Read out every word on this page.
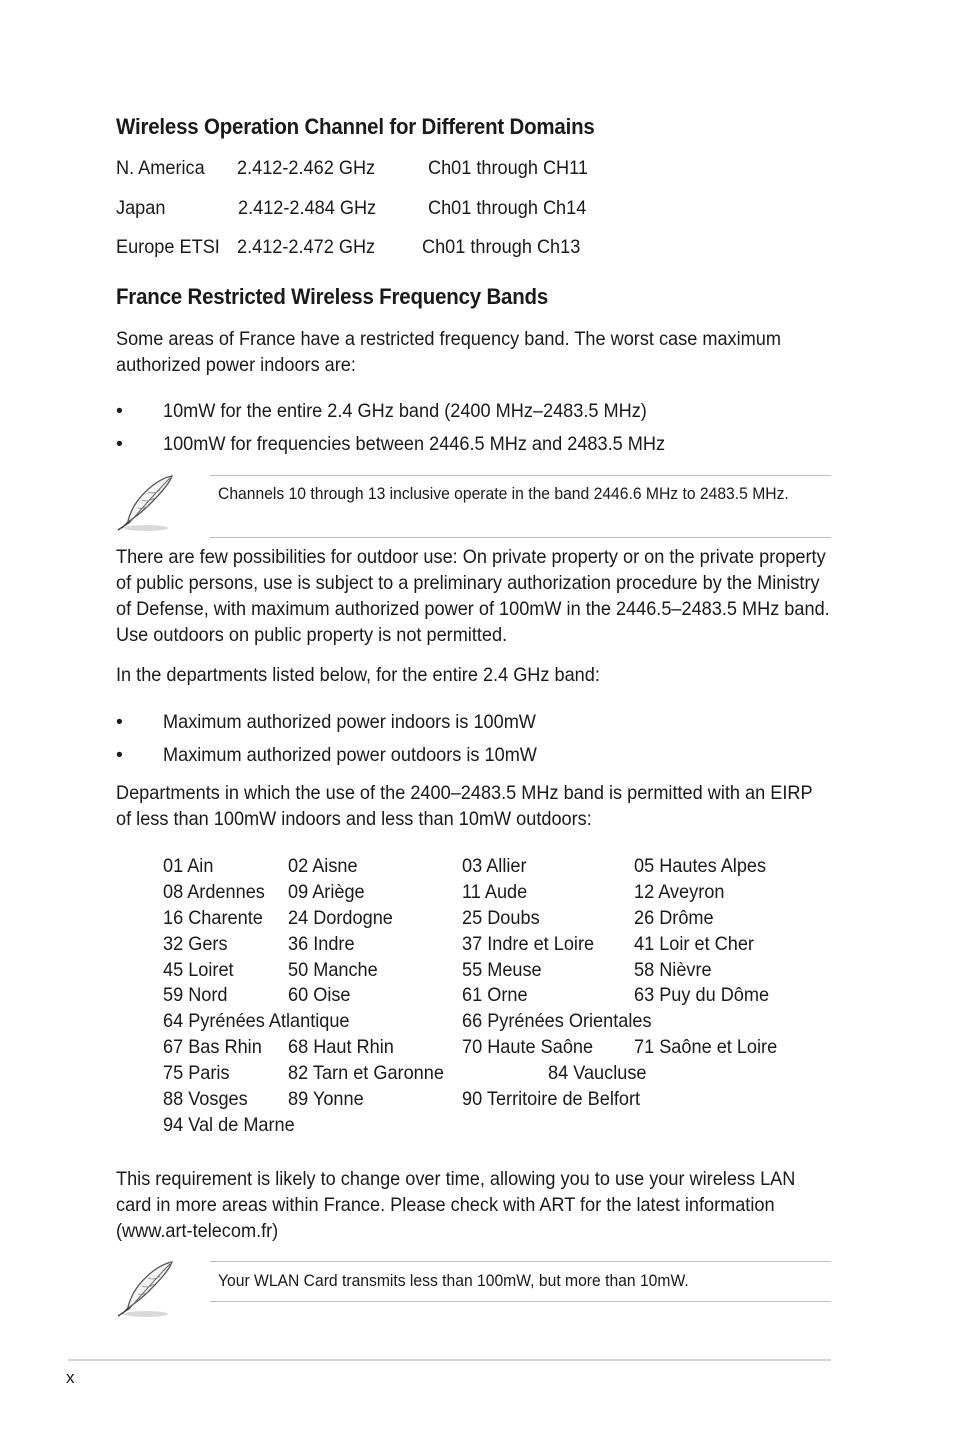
Wireless Operation Channel for Different Domains
N. America 2.412-2.462 GHz	Ch01 through CH11
Japan	2.412-2.484 GHz	Ch01 through Ch14
Europe ETSI 2.412-2.472 GHz Ch01 through Ch13
France Restricted Wireless Frequency Bands
Some areas of France have a restricted frequency band. The worst case maximum authorized power indoors are:
• 10mW for the entire 2.4 GHz band (2400 MHz–2483.5 MHz)
• 100mW for frequencies between 2446.5 MHz and 2483.5 MHz
Channels 10 through 13 inclusive operate in the band 2446.6 MHz to 2483.5 MHz.
There are few possibilities for outdoor use: On private property or on the private property of public persons, use is subject to a preliminary authorization procedure by the Ministry of Defense, with maximum authorized power of 100mW in the 2446.5–2483.5 MHz band. Use outdoors on public property is not permitted.
In the departments listed below, for the entire 2.4 GHz band:
• Maximum authorized power indoors is 100mW
• Maximum authorized power outdoors is 10mW
Departments in which the use of the 2400–2483.5 MHz band is permitted with an EIRP of less than 100mW indoors and less than 10mW outdoors:
01 Ain	02 Aisne	03 Allier	05 Hautes Alpes
08 Ardennes 09 Ariège	11 Aude	12 Aveyron
16 Charente 24 Dordogne	25 Doubs	26 Drôme
32 Gers	36 Indre	37 Indre et Loire 41 Loir et Cher
45 Loiret	50 Manche	55 Meuse	58 Nièvre
59 Nord	60 Oise	61 Orne	63 Puy du Dôme
64 Pyrénées Atlantique	66 Pyrénées Orientales
67 Bas Rhin 68 Haut Rhin	70 Haute Saône 71 Saône et Loire
75 Paris	82 Tarn et Garonne	84 Vaucluse
88 Vosges 89 Yonne	90 Territoire de Belfort
94 Val de Marne
This requirement is likely to change over time, allowing you to use your wireless LAN card in more areas within France. Please check with ART for the latest information (www.art-telecom.fr)
Your WLAN Card transmits less than 100mW, but more than 10mW.
x
